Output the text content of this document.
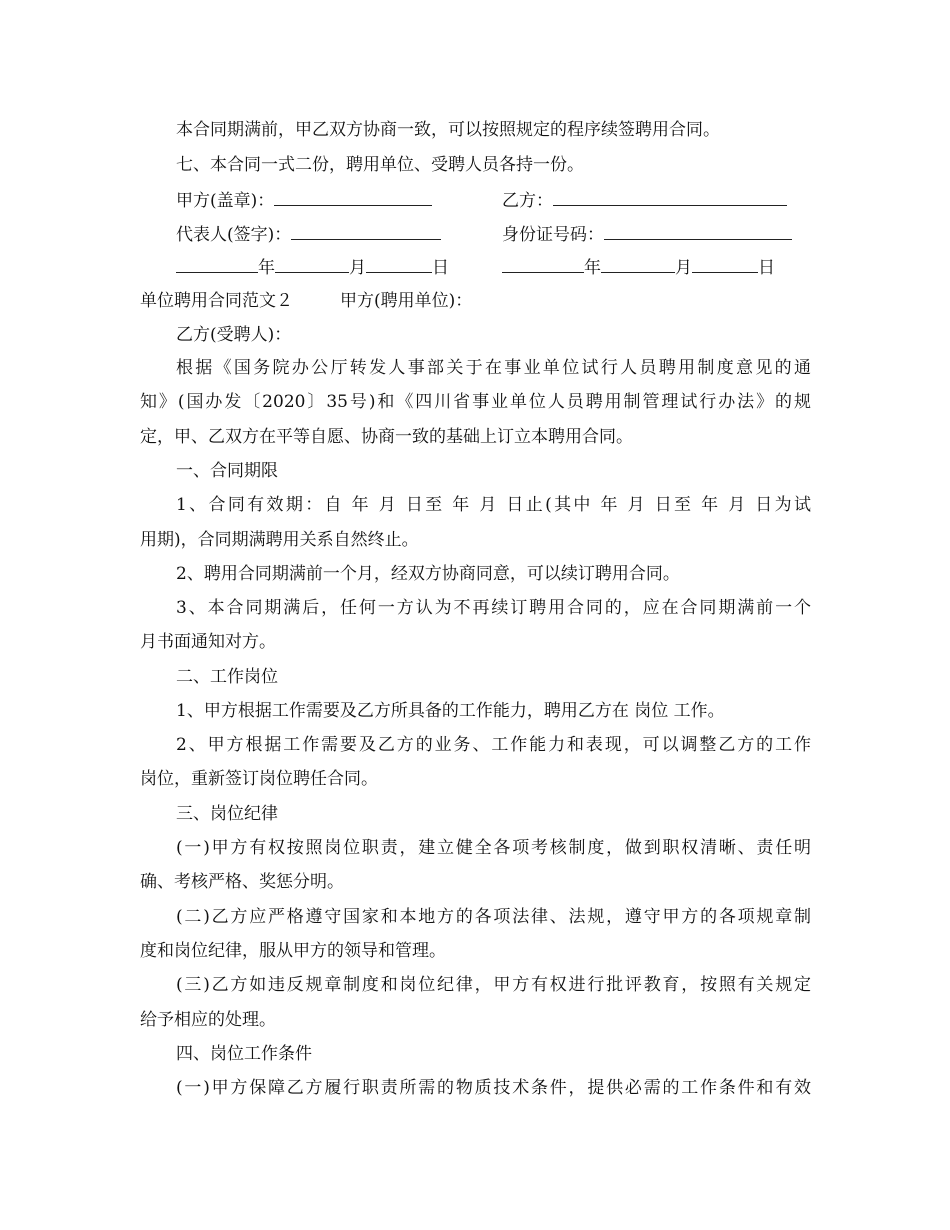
本合同期满前，甲乙双方协商一致，可以按照规定的程序续签聘用合同。
七、本合同一式二份，聘用单位、受聘人员各持一份。
甲方(盖章)：	乙方：
代表人(签字)：	身份证号码：
年	月	日	年	月	日
单位聘用合同范文２	甲方(聘用单位)：
乙方(受聘人)：
根据《国务院办公厅转发人事部关于在事业单位试行人员聘用制度意见的通
知》(国办发〔2020〕35号)和《四川省事业单位人员聘用制管理试行办法》的规
定，甲、乙双方在平等自愿、协商一致的基础上订立本聘用合同。
一、合同期限
1、合同有效期：自 年 月 日至 年 月 日止(其中 年 月 日至 年 月 日为试
用期)，合同期满聘用关系自然终止。
2、聘用合同期满前一个月，经双方协商同意，可以续订聘用合同。
3、本合同期满后，任何一方认为不再续订聘用合同的，应在合同期满前一个
月书面通知对方。
二、工作岗位
1、甲方根据工作需要及乙方所具备的工作能力，聘用乙方在 岗位 工作。
2、甲方根据工作需要及乙方的业务、工作能力和表现，可以调整乙方的工作
岗位，重新签订岗位聘任合同。
三、岗位纪律
(一)甲方有权按照岗位职责，建立健全各项考核制度，做到职权清晰、责任明
确、考核严格、奖惩分明。
(二)乙方应严格遵守国家和本地方的各项法律、法规，遵守甲方的各项规章制
度和岗位纪律，服从甲方的领导和管理。
(三)乙方如违反规章制度和岗位纪律，甲方有权进行批评教育，按照有关规定
给予相应的处理。
四、岗位工作条件
(一)甲方保障乙方履行职责所需的物质技术条件，提供必需的工作条件和有效
